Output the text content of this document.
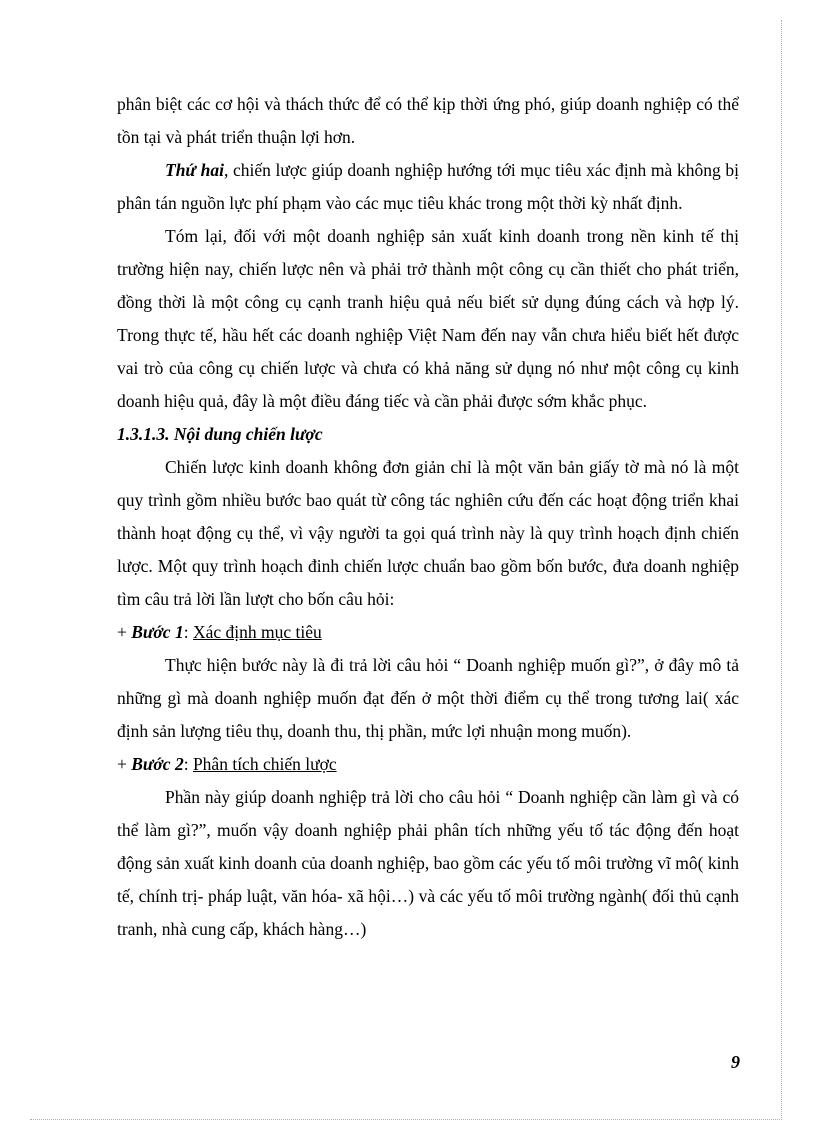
phân biệt các cơ hội và thách thức để có thể kịp thời ứng phó, giúp doanh nghiệp có thể tồn tại và phát triển thuận lợi hơn.

Thứ hai, chiến lược giúp doanh nghiệp hướng tới mục tiêu xác định mà không bị phân tán nguồn lực phí phạm vào các mục tiêu khác trong một thời kỳ nhất định.

Tóm lại, đối với một doanh nghiệp sản xuất kinh doanh trong nền kinh tế thị trường hiện nay, chiến lược nên và phải trở thành một công cụ cần thiết cho phát triển, đồng thời là một công cụ cạnh tranh hiệu quả nếu biết sử dụng đúng cách và hợp lý. Trong thực tế, hầu hết các doanh nghiệp Việt Nam đến nay vẫn chưa hiểu biết hết được vai trò của công cụ chiến lược và chưa có khả năng sử dụng nó như một công cụ kinh doanh hiệu quả, đây là một điều đáng tiếc và cần phải được sớm khắc phục.

1.3.1.3. Nội dung chiến lược

Chiến lược kinh doanh không đơn giản chỉ là một văn bản giấy tờ mà nó là một quy trình gồm nhiều bước bao quát từ công tác nghiên cứu đến các hoạt động triển khai thành hoạt động cụ thể, vì vậy người ta gọi quá trình này là quy trình hoạch định chiến lược. Một quy trình hoạch đinh chiến lược chuẩn bao gồm bốn bước, đưa doanh nghiệp tìm câu trả lời lần lượt cho bốn câu hỏi:

+ Bước 1: Xác định mục tiêu

Thực hiện bước này là đi trả lời câu hỏi “ Doanh nghiệp muốn gì?”, ở đây mô tả những gì mà doanh nghiệp muốn đạt đến ở một thời điểm cụ thể trong tương lai( xác định sản lượng tiêu thụ, doanh thu, thị phần, mức lợi nhuận mong muốn).

+ Bước 2: Phân tích chiến lược

Phần này giúp doanh nghiệp trả lời cho câu hỏi “ Doanh nghiệp cần làm gì và có thể làm gì?”, muốn vậy doanh nghiệp phải phân tích những yếu tố tác động đến hoạt động sản xuất kinh doanh của doanh nghiệp, bao gồm các yếu tố môi trường vĩ mô( kinh tế, chính trị- pháp luật, văn hóa- xã hội…) và các yếu tố môi trường ngành( đối thủ cạnh tranh, nhà cung cấp, khách hàng…)

9
